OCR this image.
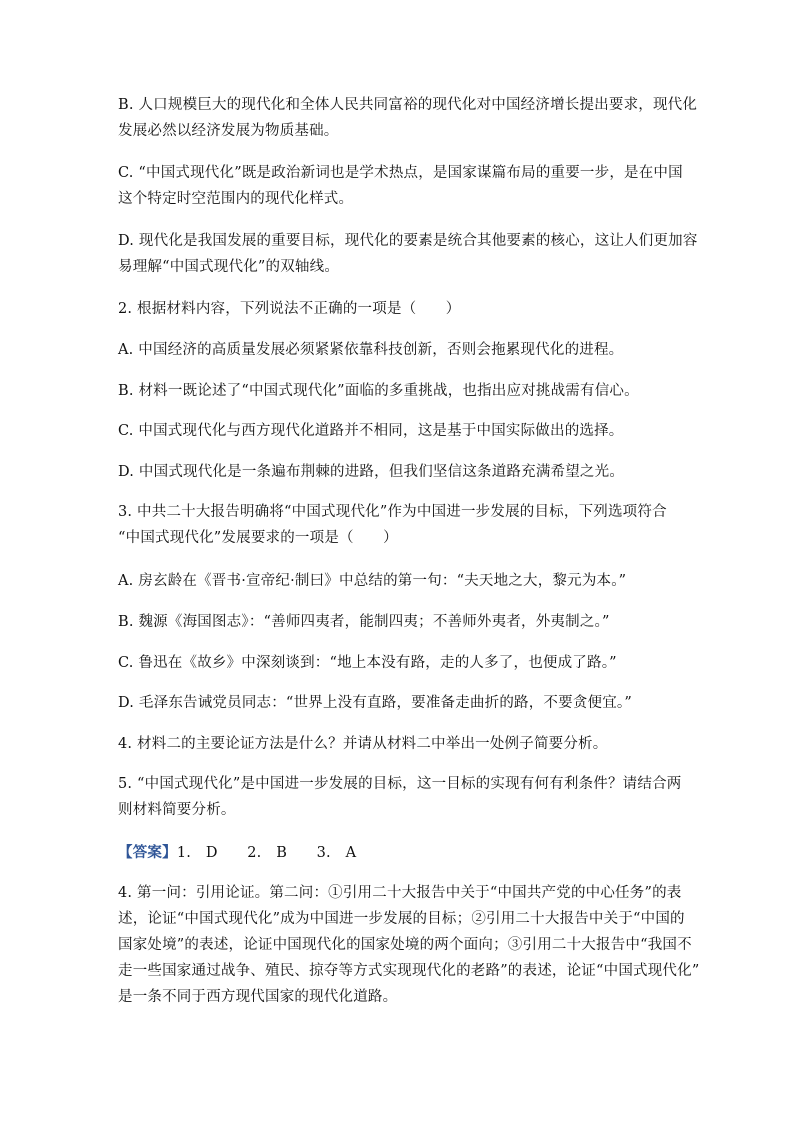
B. 人口规模巨大的现代化和全体人民共同富裕的现代化对中国经济增长提出要求，现代化
发展必然以经济发展为物质基础。
C. “中国式现代化”既是政治新词也是学术热点，是国家谋篇布局的重要一步，是在中国
这个特定时空范围内的现代化样式。
D. 现代化是我国发展的重要目标，现代化的要素是统合其他要素的核心，这让人们更加容
易理解“中国式现代化”的双轴线。
2. 根据材料内容，下列说法不正确的一项是（　　）
A. 中国经济的高质量发展必须紧紧依靠科技创新，否则会拖累现代化的进程。
B. 材料一既论述了“中国式现代化”面临的多重挑战，也指出应对挑战需有信心。
C. 中国式现代化与西方现代化道路并不相同，这是基于中国实际做出的选择。
D. 中国式现代化是一条遍布荆棘的进路，但我们坚信这条道路充满希望之光。
3. 中共二十大报告明确将“中国式现代化”作为中国进一步发展的目标，下列选项符合
“中国式现代化”发展要求的一项是（　　）
A. 房玄龄在《晋书·宣帝纪·制曰》中总结的第一句：“夫天地之大，黎元为本。”
B. 魏源《海国图志》：“善师四夷者，能制四夷；不善师外夷者，外夷制之。”
C. 鲁迅在《故乡》中深刻谈到：“地上本没有路，走的人多了，也便成了路。”
D. 毛泽东告诫党员同志：“世界上没有直路，要准备走曲折的路，不要贪便宜。”
4. 材料二的主要论证方法是什么？并请从材料二中举出一处例子简要分析。
5. “中国式现代化”是中国进一步发展的目标，这一目标的实现有何有利条件？请结合两
则材料简要分析。
【答案】1. D　 2. B　 3. A
4. 第一问：引用论证。第二问：①引用二十大报告中关于“中国共产党的中心任务”的表
述，论证“中国式现代化”成为中国进一步发展的目标；②引用二十大报告中关于“中国的
国家处境”的表述，论证中国现代化的国家处境的两个面向；③引用二十大报告中“我国不
走一些国家通过战争、殖民、掠夺等方式实现现代化的老路”的表述，论证“中国式现代化”
是一条不同于西方现代国家的现代化道路。
